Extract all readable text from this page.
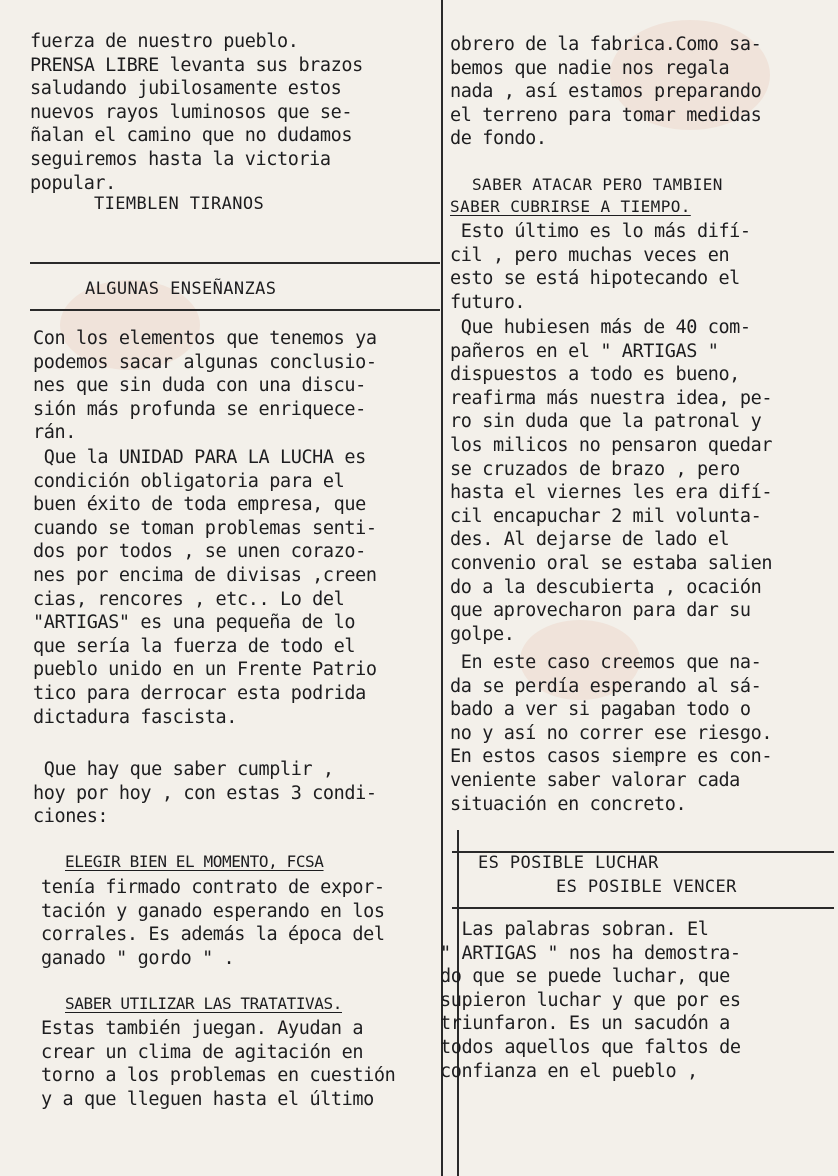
fuerza de nuestro pueblo.
PRENSA LIBRE levanta sus brazos
saludando jubilosamente estos
nuevos rayos luminosos que se-
ñalan el camino que no dudamos
seguiremos hasta la victoria
popular.

TIEMBLEN TIRANOS

ALGUNAS ENSEÑANZAS

Con los elementos que tenemos ya
podemos sacar algunas conclusio-
nes que sin duda con una discu-
sión más profunda se enriquece-
rán.

Que la UNIDAD PARA LA LUCHA es
condición obligatoria para el
buen éxito de toda empresa, que
cuando se toman problemas senti-
dos por todos , se unen corazo-
nes por encima de divisas ,creen
cias, rencores , etc.. Lo del
"ARTIGAS" es una pequeña de lo
que sería la fuerza de todo el
pueblo unido en un Frente Patrio
tico para derrocar esta podrida
dictadura fascista.

Que hay que saber cumplir ,
hoy por hoy , con estas 3 condi-
ciones:

ELEGIR BIEN EL MOMENTO, FCSA

tenía firmado contrato de expor-
tación y ganado esperando en los
corrales. Es además la época del
ganado " gordo " .

SABER UTILIZAR LAS TRATATIVAS.

Estas también juegan. Ayudan a
crear un clima de agitación en
torno a los problemas en cuestión
y a que lleguen hasta el último

obrero de la fabrica.Como sa-
bemos que nadie nos regala
nada , así estamos preparando
el terreno para tomar medidas
de fondo.

SABER ATACAR PERO TAMBIEN

SABER CUBRIRSE A TIEMPO.

Esto último es lo más difí-
cil , pero muchas veces en
esto se está hipotecando el
futuro.

Que hubiesen más de 40 com-
pañeros en el " ARTIGAS "
dispuestos a todo es bueno,
reafirma más nuestra idea, pe-
ro sin duda que la patronal y
los milicos no pensaron quedar
se cruzados de brazo , pero
hasta el viernes les era difí-
cil encapuchar 2 mil volunta-
des. Al dejarse de lado el
convenio oral se estaba salien
do a la descubierta , ocación
que aprovecharon para dar su
golpe.

En este caso creemos que na-
da se perdía esperando al sá-
bado a ver si pagaban todo o
no y así no correr ese riesgo.
En estos casos siempre es con-
veniente saber valorar cada
situación en concreto.

ES POSIBLE LUCHAR

ES POSIBLE VENCER

Las palabras sobran. El
" ARTIGAS " nos ha demostra-
do que se puede luchar, que
supieron luchar y que por es
triunfaron. Es un sacudón a
todos aquellos que faltos de
confianza en el pueblo ,
